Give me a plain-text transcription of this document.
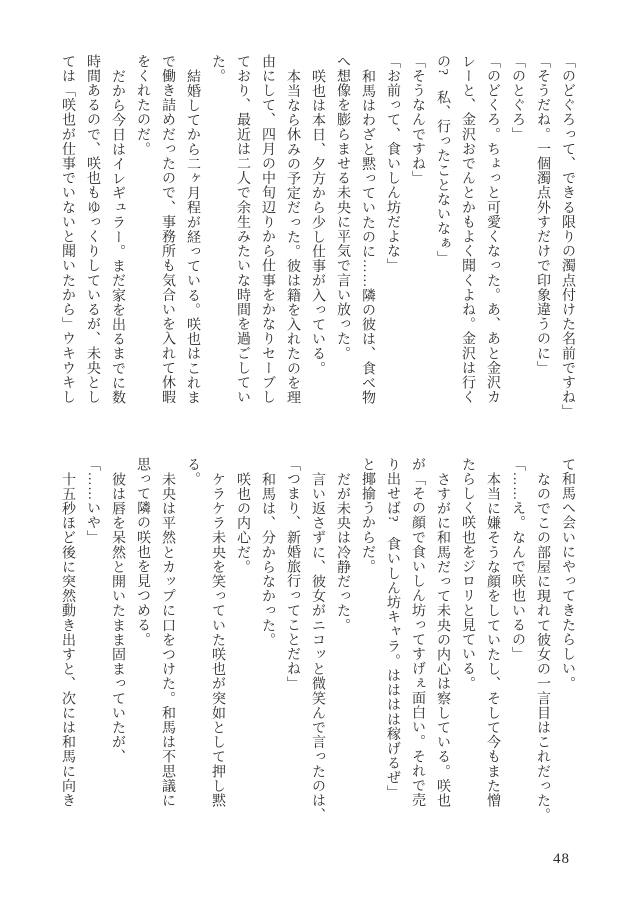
「のどぐろって、できる限りの濁点付けた名前ですね」
「そうだね。一個濁点外すだけで印象違うのに」
「のとぐろ」
「のどくろ。ちょっと可愛くなった。あ、あと金沢カ
レーと、金沢おでんとかもよく聞くよね。金沢は行く
の?　私、行ったことないなぁ」
「そうなんですね」
「お前って、食いしん坊だよな」
和馬はわざと黙っていたのに……隣の彼は、食べ物
へ想像を膨らませる未央に平気で言い放った。
咲也は本日、夕方から少し仕事が入っている。
本当なら休みの予定だった。彼は籍を入れたのを理
由にして、四月の中旬辺りから仕事をかなりセーブし
ており、最近は二人で余生みたいな時間を過ごしてい
た。
結婚してから二ヶ月程が経っている。咲也はこれま
で働き詰めだったので、事務所も気合いを入れて休暇
をくれたのだ。
だから今日はイレギュラー。まだ家を出るまでに数
時間あるので、咲也もゆっくりしているが、未央とし
ては「咲也が仕事でいないと聞いたから」ウキウキし
て和馬へ会いにやってきたらしい。
なのでこの部屋に現れて彼女の一言目はこれだった。
「……え。なんで咲也いるの」
本当に嫌そうな顔をしていたし、そして今もまた憎
たらしく咲也をジロリと見ている。
さすがに和馬だって未央の内心は察している。咲也
が「その顔で食いしん坊ってすげぇ面白い。それで売
り出せば?　食いしん坊キャラ。はははは稼げるぜ」
と揶揄うからだ。
だが未央は冷静だった。
言い返さずに、彼女がニコッと微笑んで言ったのは、
「つまり、新婚旅行ってことだね」
和馬は、分からなかった。
咲也の内心だ。
ケラケラ未央を笑っていた咲也が突如として押し黙
る。
未央は平然とカップに口をつけた。和馬は不思議に
思って隣の咲也を見つめる。
彼は唇を呆然と開いたまま固まっていたが、
「……いや」
十五秒ほど後に突然動き出すと、次には和馬に向き
48
